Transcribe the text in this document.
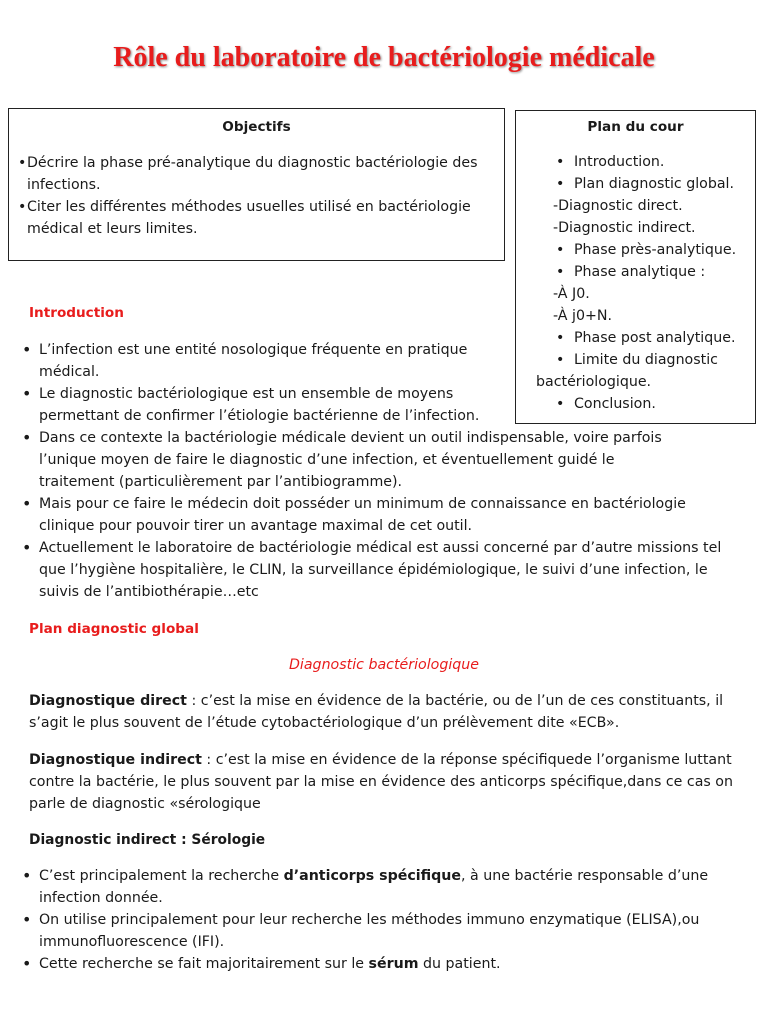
Rôle du laboratoire de bactériologie médicale
Objectifs
• Décrire la phase pré-analytique du diagnostic bactériologie des infections.
• Citer les différentes méthodes usuelles utilisé en bactériologie médical et leurs limites.
Plan du cour
• Introduction.
• Plan diagnostic global.
-Diagnostic direct.
-Diagnostic indirect.
• Phase près-analytique.
• Phase analytique :
-À J0.
-À j0+N.
• Phase post analytique.
• Limite du diagnostic
bactériologique.
• Conclusion.
Introduction
• L’infection est une entité nosologique fréquente en pratique médical.
• Le diagnostic bactériologique est un ensemble de moyens permettant de confirmer l’étiologie bactérienne de l’infection.
• Dans ce contexte la bactériologie médicale devient un outil indispensable, voire parfois l’unique moyen de faire le diagnostic d’une infection, et éventuellement guidé le traitement (particulièrement par l’antibiogramme).
• Mais pour ce faire le médecin doit posséder un minimum de connaissance en bactériologie clinique pour pouvoir tirer un avantage maximal de cet outil.
• Actuellement le laboratoire de bactériologie médical est aussi concerné par d’autre missions tel que l’hygiène hospitalière, le CLIN, la surveillance épidémiologique, le suivi d’une infection, le suivis de l’antibiothérapie…etc
Plan diagnostic global
Diagnostic bactériologique
Diagnostique direct : c’est la mise en évidence de la bactérie, ou de l’un de ces constituants, il s’agit le plus souvent de l’étude cytobactériologique d’un prélèvement dite «ECB».
Diagnostique indirect : c’est la mise en évidence de la réponse spécifiquede l’organisme luttant contre la bactérie, le plus souvent par la mise en évidence des anticorps spécifique,dans ce cas on parle de diagnostic «sérologique
Diagnostic indirect : Sérologie
• C’est principalement la recherche d’anticorps spécifique, à une bactérie responsable d’une infection donnée.
• On utilise principalement pour leur recherche les méthodes immuno enzymatique (ELISA),ou immunofluorescence (IFI).
• Cette recherche se fait majoritairement sur le sérum du patient.
